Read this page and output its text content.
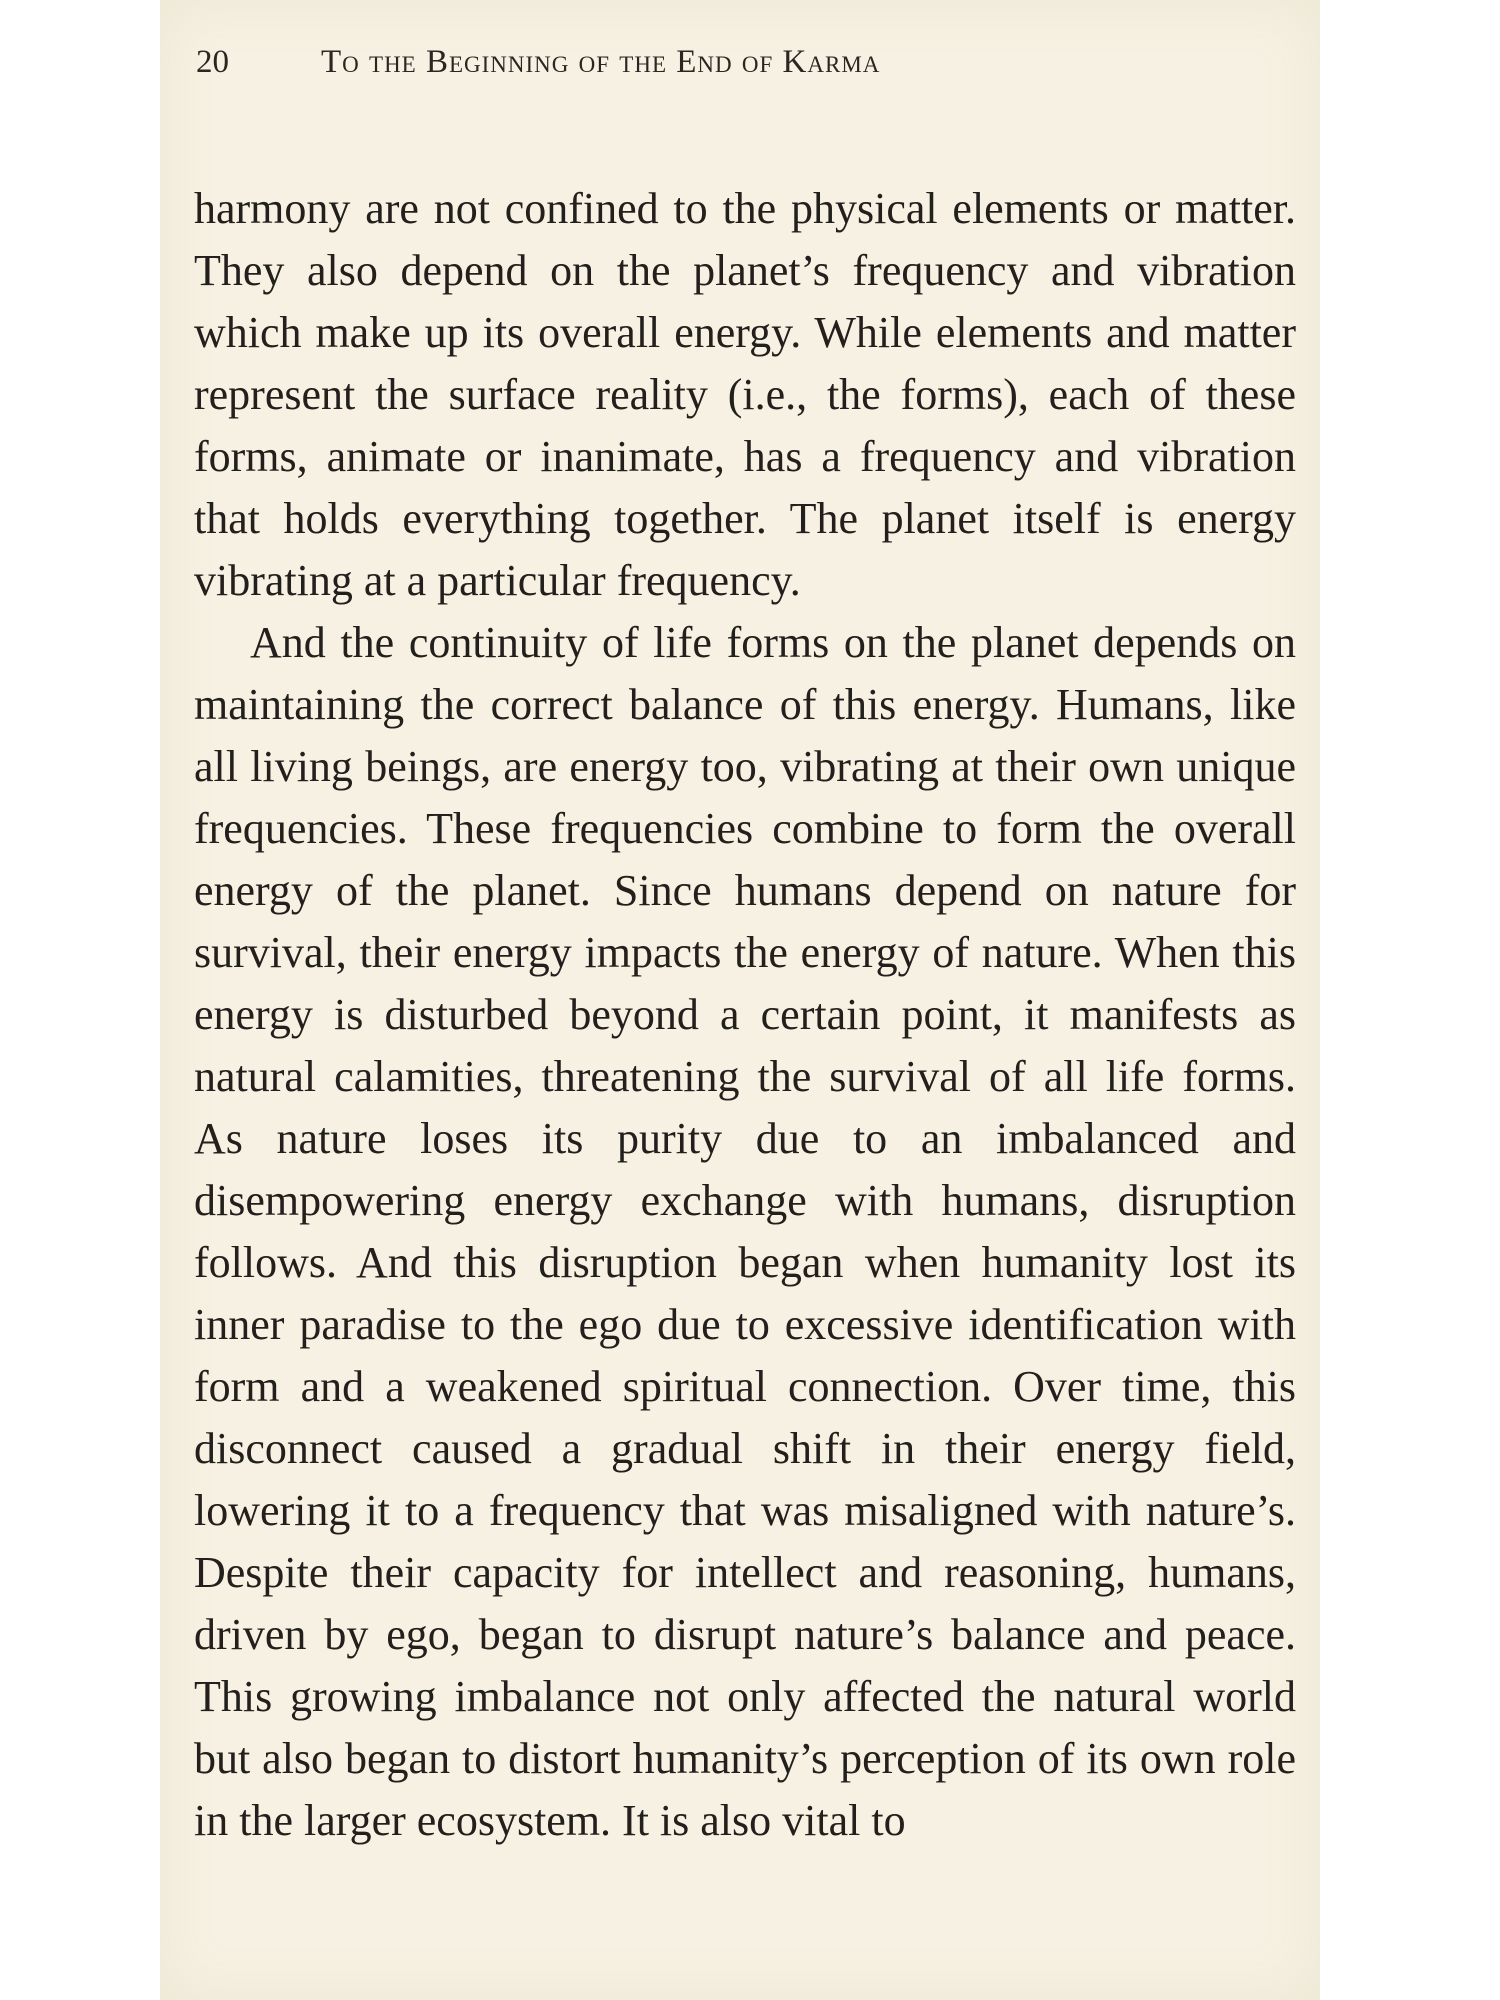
20	To the Beginning of the End of Karma

harmony are not confined to the physical elements or matter. They also depend on the planet’s frequency and vibration which make up its overall energy. While elements and matter represent the surface reality (i.e., the forms), each of these forms, animate or inanimate, has a frequency and vibration that holds everything together. The planet itself is energy vibrating at a particular frequency.

And the continuity of life forms on the planet depends on maintaining the correct balance of this energy. Humans, like all living beings, are energy too, vibrating at their own unique frequencies. These frequencies combine to form the overall energy of the planet. Since humans depend on nature for survival, their energy impacts the energy of nature. When this energy is disturbed beyond a certain point, it manifests as natural calamities, threatening the survival of all life forms. As nature loses its purity due to an imbalanced and disempowering energy exchange with humans, disruption follows. And this disruption began when humanity lost its inner paradise to the ego due to excessive identification with form and a weakened spiritual connection. Over time, this disconnect caused a gradual shift in their energy field, lowering it to a frequency that was misaligned with nature’s. Despite their capacity for intellect and reasoning, humans, driven by ego, began to disrupt nature’s balance and peace. This growing imbalance not only affected the natural world but also began to distort humanity’s perception of its own role in the larger ecosystem. It is also vital to
